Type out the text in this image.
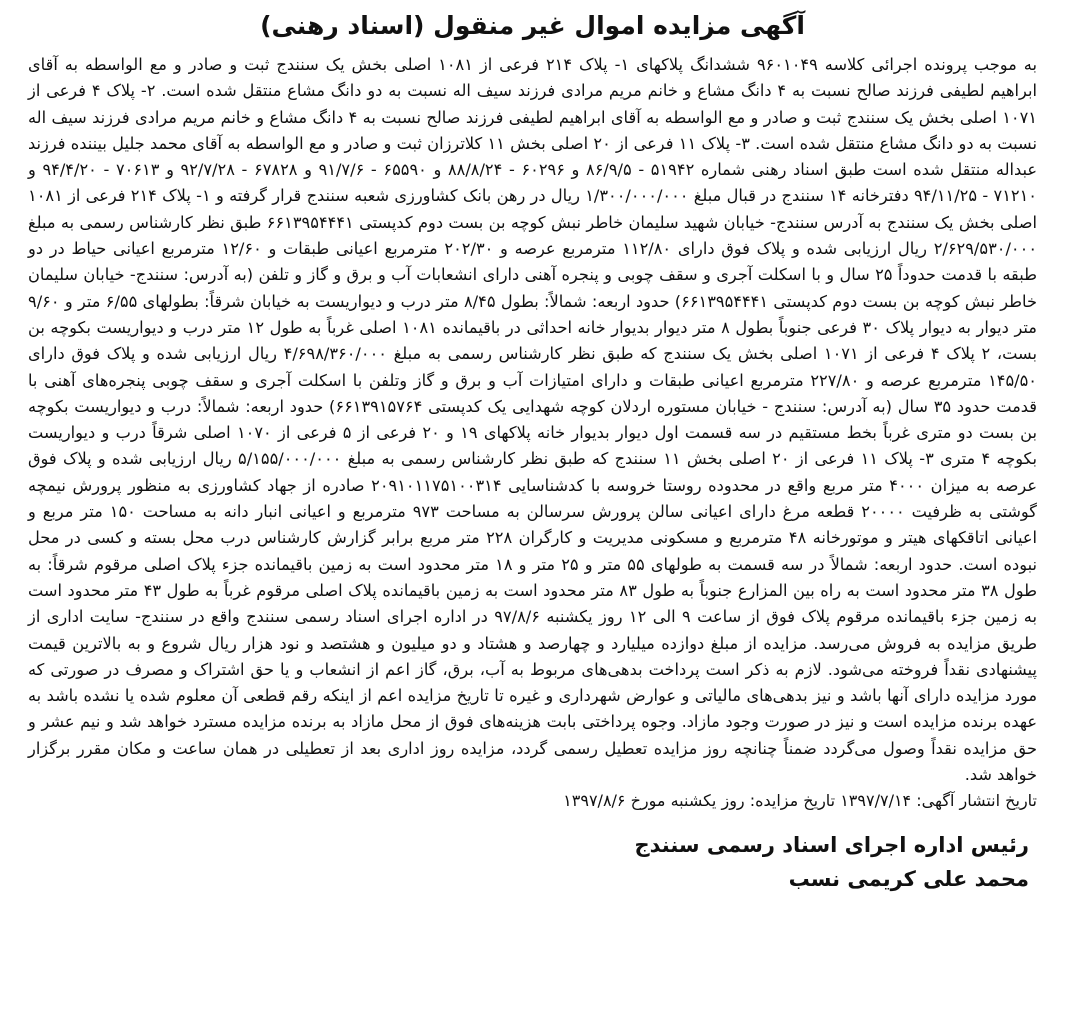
آگهی مزایده اموال غیر منقول (اسناد رهنی)

به موجب پرونده اجرائی کلاسه ۹۶۰۱۰۴۹ ششدانگ پلاکهای ۱- پلاک ۲۱۴ فرعی از ۱۰۸۱ اصلی بخش یک سنندج ثبت و صادر و مع الواسطه به آقای ابراهیم لطیفی فرزند صالح نسبت به ۴ دانگ مشاع و خانم مریم مرادی فرزند سیف اله نسبت به دو دانگ مشاع منتقل شده است. ۲- پلاک ۴ فرعی از ۱۰۷۱ اصلی بخش یک سنندج ثبت و صادر و مع الواسطه به آقای ابراهیم لطیفی فرزند صالح نسبت به ۴ دانگ مشاع و خانم مریم مرادی فرزند سیف اله نسبت به دو دانگ مشاع منتقل شده است. ۳- پلاک ۱۱ فرعی از ۲۰ اصلی بخش ۱۱ کلاترزان ثبت و صادر و مع الواسطه به آقای محمد جلیل بیننده فرزند عبداله منتقل شده است طبق اسناد رهنی شماره ۵۱۹۴۲ - ۸۶/۹/۵ و ۶۰۲۹۶ - ۸۸/۸/۲۴ و ۶۵۵۹۰ - ۹۱/۷/۶ و ۶۷۸۲۸ - ۹۲/۷/۲۸ و ۷۰۶۱۳ - ۹۴/۴/۲۰ و ۷۱۲۱۰ - ۹۴/۱۱/۲۵ دفترخانه ۱۴ سنندج در قبال مبلغ ۱/۳۰۰/۰۰۰/۰۰۰ ریال در رهن بانک کشاورزی شعبه سنندج قرار گرفته و ۱- پلاک ۲۱۴ فرعی از ۱۰۸۱ اصلی بخش یک سنندج به آدرس سنندج- خیابان شهید سلیمان خاطر نبش کوچه بن بست دوم کدپستی ۶۶۱۳۹۵۴۴۴۱ طبق نظر کارشناس رسمی به مبلغ ۲/۶۲۹/۵۳۰/۰۰۰ ریال ارزیابی شده و پلاک فوق دارای ۱۱۲/۸۰ مترمربع عرصه و ۲۰۲/۳۰ مترمربع اعیانی طبقات و ۱۲/۶۰ مترمربع اعیانی حیاط در دو طبقه با قدمت حدوداً ۲۵ سال و با اسکلت آجری و سقف چوبی و پنجره آهنی دارای انشعابات آب و برق و گاز و تلفن (به آدرس: سنندج- خیابان سلیمان خاطر نبش کوچه بن بست دوم کدپستی ۶۶۱۳۹۵۴۴۴۱) حدود اربعه: شمالاً: بطول ۸/۴۵ متر درب و دیواریست به خیابان شرقاً: بطولهای ۶/۵۵ متر و ۹/۶۰ متر دیوار به دیوار پلاک ۳۰ فرعی جنوباً بطول ۸ متر دیوار بدیوار خانه احداثی در باقیمانده ۱۰۸۱ اصلی غرباً به طول ۱۲ متر درب و دیواریست بکوچه بن بست، ۲ پلاک ۴ فرعی از ۱۰۷۱ اصلی بخش یک سنندج که طبق نظر کارشناس رسمی به مبلغ ۴/۶۹۸/۳۶۰/۰۰۰ ریال ارزیابی شده و پلاک فوق دارای ۱۴۵/۵۰ مترمربع عرصه و ۲۲۷/۸۰ مترمربع اعیانی طبقات و دارای امتیازات آب و برق و گاز وتلفن با اسکلت آجری و سقف چوبی پنجره‌های آهنی با قدمت حدود ۳۵ سال (به آدرس: سنندج - خیابان مستوره اردلان کوچه شهدایی یک کدپستی ۶۶۱۳۹۱۵۷۶۴) حدود اربعه: شمالاً: درب و دیواریست بکوچه بن بست دو متری غرباً بخط مستقیم در سه قسمت اول دیوار بدیوار خانه پلاکهای ۱۹ و ۲۰ فرعی از ۵ فرعی از ۱۰۷۰ اصلی شرقاً درب و دیواریست بکوچه ۴ متری ۳- پلاک ۱۱ فرعی از ۲۰ اصلی بخش ۱۱ سنندج که طبق نظر کارشناس رسمی به مبلغ ۵/۱۵۵/۰۰۰/۰۰۰ ریال ارزیابی شده و پلاک فوق عرصه به میزان ۴۰۰۰ متر مربع واقع در محدوده روستا خروسه با کدشناسایی ۲۰۹۱۰۱۱۷۵۱۰۰۳۱۴ صادره از جهاد کشاورزی به منظور پرورش نیمچه گوشتی به ظرفیت ۲۰۰۰۰ قطعه مرغ دارای اعیانی سالن پرورش سرسالن به مساحت ۹۷۳ مترمربع و اعیانی انبار دانه به مساحت ۱۵۰ متر مربع و اعیانی اتاقکهای هیتر و موتورخانه ۴۸ مترمربع و مسکونی مدیریت و کارگران ۲۲۸ متر مربع برابر گزارش کارشناس درب محل بسته و کسی در محل نبوده است. حدود اربعه: شمالاً در سه قسمت به طولهای ۵۵ متر و ۲۵ متر و ۱۸ متر محدود است به زمین باقیمانده جزء پلاک اصلی مرقوم شرقاً: به طول ۳۸ متر محدود است به راه بین المزارع جنوباً به طول ۸۳ متر محدود است به زمین باقیمانده پلاک اصلی مرقوم غرباً به طول ۴۳ متر محدود است به زمین جزء باقیمانده مرقوم پلاک فوق از ساعت ۹ الی ۱۲ روز یکشنبه ۹۷/۸/۶ در اداره اجرای اسناد رسمی سنندج واقع در سنندج- سایت اداری از طریق مزایده به فروش می‌رسد. مزایده از مبلغ دوازده میلیارد و چهارصد و هشتاد و دو میلیون و هشتصد و نود هزار ریال شروع و به بالاترین قیمت پیشنهادی نقداً فروخته می‌شود. لازم به ذکر است پرداخت بدهی‌های مربوط به آب، برق، گاز اعم از انشعاب و یا حق اشتراک و مصرف در صورتی که مورد مزایده دارای آنها باشد و نیز بدهی‌های مالیاتی و عوارض شهرداری و غیره تا تاریخ مزایده اعم از اینکه رقم قطعی آن معلوم شده یا نشده باشد به عهده برنده مزایده است و نیز در صورت وجود مازاد. وجوه پرداختی بابت هزینه‌های فوق از محل مازاد به برنده مزایده مسترد خواهد شد و نیم عشر و حق مزایده نقداً وصول می‌گردد ضمناً چنانچه روز مزایده تعطیل رسمی گردد، مزایده روز اداری بعد از تعطیلی در همان ساعت و مکان مقرر برگزار خواهد شد.

تاریخ انتشار آگهی: ۱۳۹۷/۷/۱۴ تاریخ مزایده: روز یکشنبه مورخ ۱۳۹۷/۸/۶

رئیس اداره اجرای اسناد رسمی سنندج
محمد علی کریمی نسب
